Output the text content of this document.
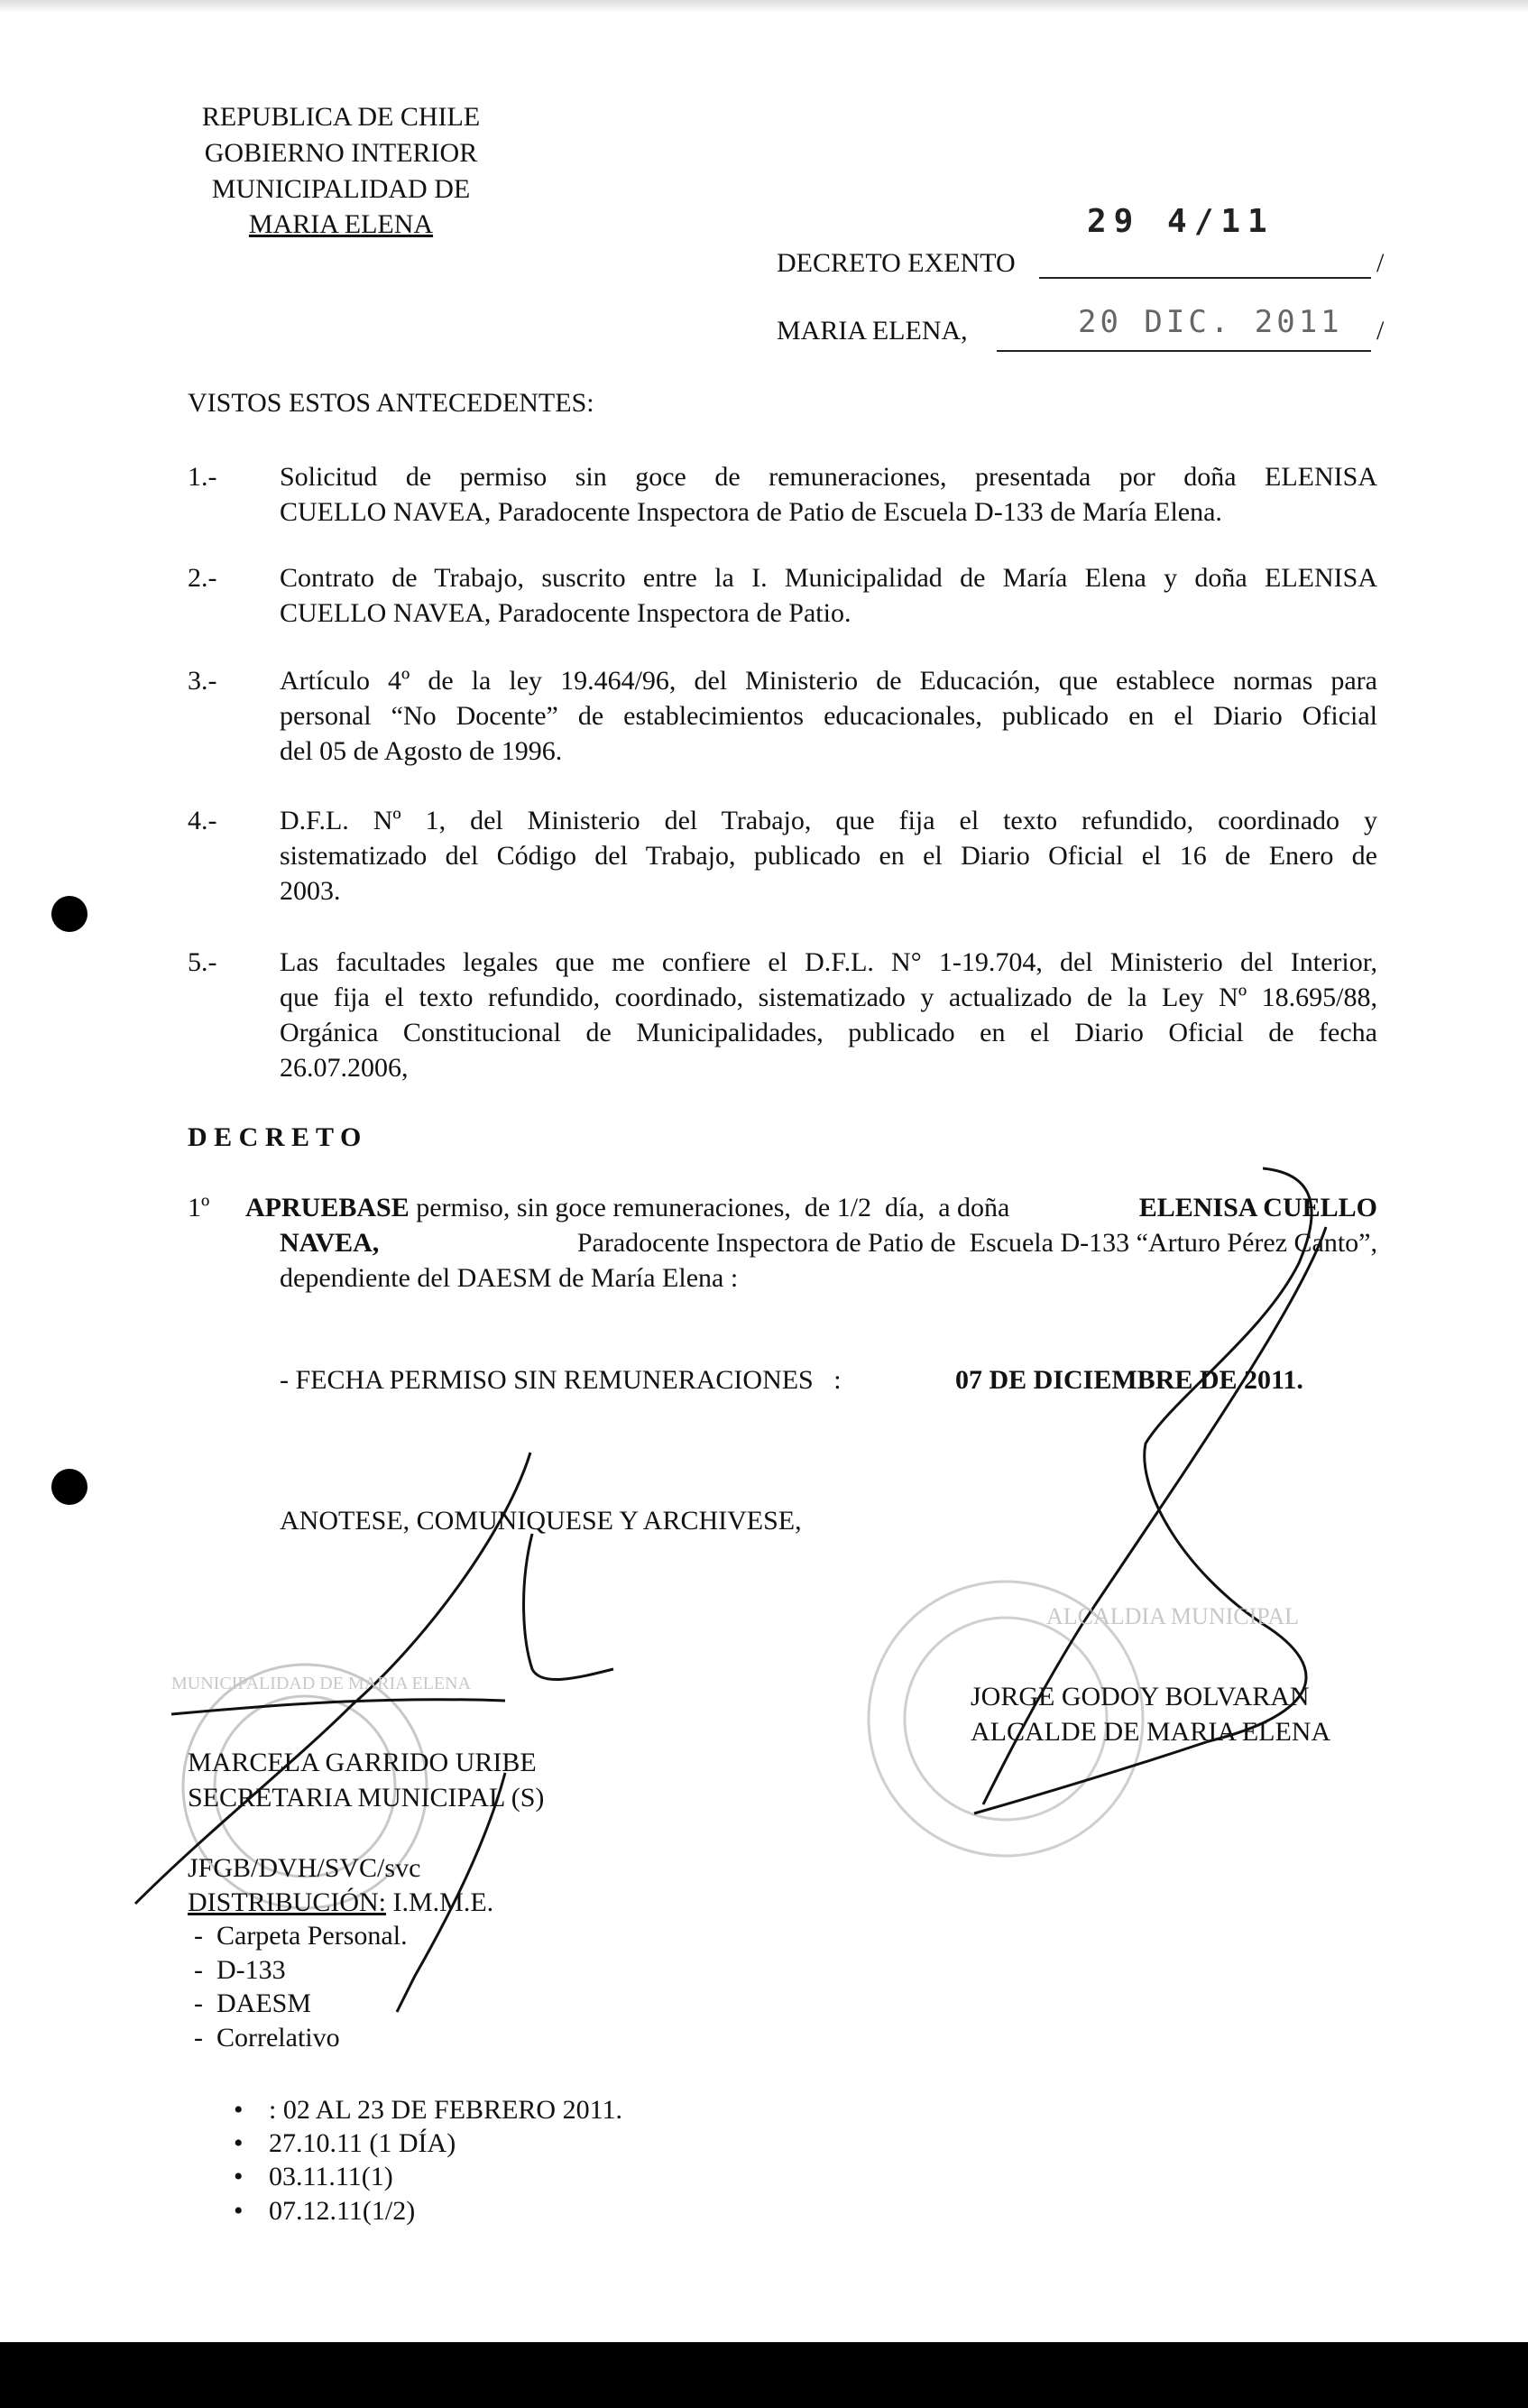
REPUBLICA DE CHILE
GOBIERNO INTERIOR
MUNICIPALIDAD DE
MARIA ELENA	29 4/11
DECRETO EXENTO	/
MARIA ELENA,	20 DIC. 2011 /
VISTOS ESTOS ANTECEDENTES:
1.- Solicitud de permiso sin goce de remuneraciones, presentada por doña ELENISA
CUELLO NAVEA, Paradocente Inspectora de Patio de Escuela D-133 de María Elena.
2.- Contrato de Trabajo, suscrito entre la I. Municipalidad de María Elena y doña ELENISA
CUELLO NAVEA, Paradocente Inspectora de Patio.
3.- Artículo 4º de la ley 19.464/96, del Ministerio de Educación, que establece normas para
personal “No Docente” de establecimientos educacionales, publicado en el Diario Oficial
del 05 de Agosto de 1996.
4.- D.F.L. Nº 1, del Ministerio del Trabajo, que fija el texto refundido, coordinado y
sistematizado del Código del Trabajo, publicado en el Diario Oficial el 16 de Enero de
2003.
5.- Las facultades legales que me confiere el D.F.L. N° 1-19.704, del Ministerio del Interior,
que fija el texto refundido, coordinado, sistematizado y actualizado de la Ley Nº 18.695/88,
Orgánica Constitucional de Municipalidades, publicado en el Diario Oficial de fecha
26.07.2006,
D E C R E T O
1º APRUEBASE permiso, sin goce remuneraciones,  de 1/2  día,  a doña	ELENISA CUELLO
NAVEA,	Paradocente Inspectora de Patio de  Escuela D-133 “Arturo Pérez Canto”,
dependiente del DAESM de María Elena :
- FECHA PERMISO SIN REMUNERACIONES   :	07 DE DICIEMBRE DE 2011.
ANOTESE, COMUNIQUESE Y ARCHIVESE,
ALCALDIA MUNICIPAL
MUNICIPALIDAD DE MARIA ELENA	JORGE GODOY BOLVARAN
ALCALDE DE MARIA ELENA
MARCELA GARRIDO URIBE
SECRETARIA MUNICIPAL (S)
JFGB/DVH/SVC/svc
DISTRIBUCIÓN: I.M.M.E.
-  Carpeta Personal.
-  D-133
-  DAESM
-  Correlativo
• : 02 AL 23 DE FEBRERO 2011.
• 27.10.11 (1 DÍA)
• 03.11.11(1)
• 07.12.11(1/2)
